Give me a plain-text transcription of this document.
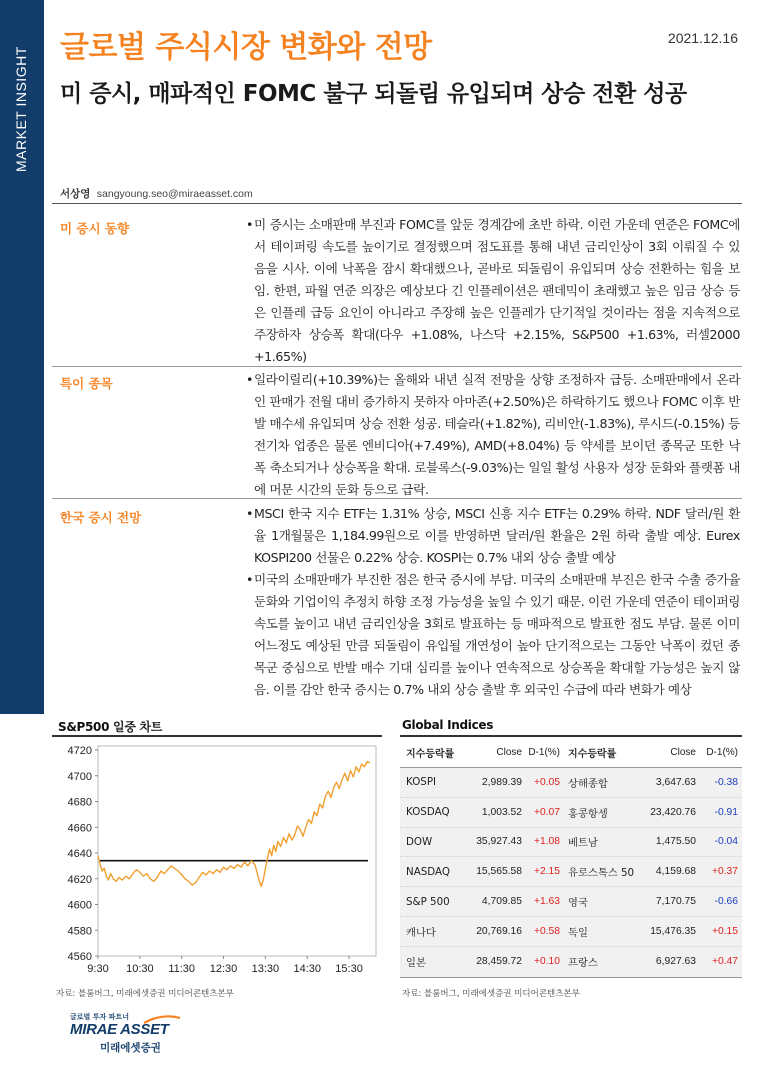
MARKET INSIGHT 글로벌 주식시장 변화와 전망	2021.12.16
미 증시, 매파적인 FOMC 불구 되돌림 유입되며 상승 전환 성공
서상영 sangyoung.seo@miraeasset.com
미 증시 동향	•미 증시는 소매판매 부진과 FOMC를 앞둔 경계감에 초반 하락. 이런 가운데 연준은 FOMC에서 테이퍼링 속도를 높이기로 결정했으며 점도표를 통해 내년 금리인상이 3회 이뤄질 수 있음을 시사. 이에 낙폭을 잠시 확대했으나, 곧바로 되돌림이 유입되며 상승 전환하는 힘을 보임. 한편, 파월 연준 의장은 예상보다 긴 인플레이션은 팬데믹이 초래했고 높은 임금 상승 등은 인플레 급등 요인이 아니라고 주장해 높은 인플레가 단기적일 것이라는 점을 지속적으로 주장하자 상승폭 확대(다우 +1.08%, 나스닥 +2.15%, S&P500 +1.63%, 러셀2000 +1.65%)
특이 종목	•일라이릴리(+10.39%)는 올해와 내년 실적 전망을 상향 조정하자 급등. 소매판매에서 온라인 판매가 전월 대비 증가하지 못하자 아마존(+2.50%)은 하락하기도 했으나 FOMC 이후 반발 매수세 유입되며 상승 전환 성공. 테슬라(+1.82%), 리비안(-1.83%), 루시드(-0.15%) 등 전기차 업종은 물론 엔비디아(+7.49%), AMD(+8.04%) 등 약세를 보이던 종목군 또한 낙폭 축소되거나 상승폭을 확대. 로블록스(-9.03%)는 일일 활성 사용자 성장 둔화와 플랫폼 내에 머문 시간의 둔화 등으로 급락.
한국 증시 전망	•MSCI 한국 지수 ETF는 1.31% 상승, MSCI 신흥 지수 ETF는 0.29% 하락. NDF 달러/원 환율 1개월물은 1,184.99원으로 이를 반영하면 달러/원 환율은 2원 하락 출발 예상. Eurex KOSPI200 선물은 0.22% 상승. KOSPI는 0.7% 내외 상승 출발 예상
•미국의 소매판매가 부진한 점은 한국 증시에 부담. 미국의 소매판매 부진은 한국 수출 증가율 둔화와 기업이익 추정치 하향 조정 가능성을 높일 수 있기 때문. 이런 가운데 연준이 테이퍼링 속도를 높이고 내년 금리인상을 3회로 발표하는 등 매파적으로 발표한 점도 부담. 물론 이미 어느정도 예상된 만큼 되돌림이 유입될 개연성이 높아 단기적으로는 그동안 낙폭이 컸던 종목군 중심으로 반발 매수 기대 심리를 높이나 연속적으로 상승폭을 확대할 가능성은 높지 않음. 이를 감안 한국 증시는 0.7% 내외 상승 출발 후 외국인 수급에 따라 변화가 예상
S&P500 일중 차트
4560
4580
4600
4620
4640
4660
4680
4700
4720
9:30 10:30 11:30 12:30 13:30 14:30 15:30
자료: 블룸버그, 미래에셋증권 미디어콘텐츠본부
Global Indices
지수등락률	Close D-1(%) 지수등락률	Close	D-1(%)
KOSPI	2,989.39	+0.05 상해종합	3,647.63	-0.38
KOSDAQ	1,003.52	+0.07 홍콩항셍	23,420.76	-0.91
DOW	35,927.43	+1.08 베트남	1,475.50	-0.04
NASDAQ	15,565.58	+2.15 유로스톡스 50	4,159.68	+0.37
S&P 500	4,709.85	+1.63 영국	7,170.75	-0.66
캐나다	20,769.16	+0.58 독일	15,476.35	+0.15
일본	28,459.72	+0.10 프랑스	6,927.63	+0.47
자료: 블룸버그, 미래에셋증권 미디어콘텐츠본부
글로벌 투자 파트너
MIRAE ASSET
미래에셋증권
